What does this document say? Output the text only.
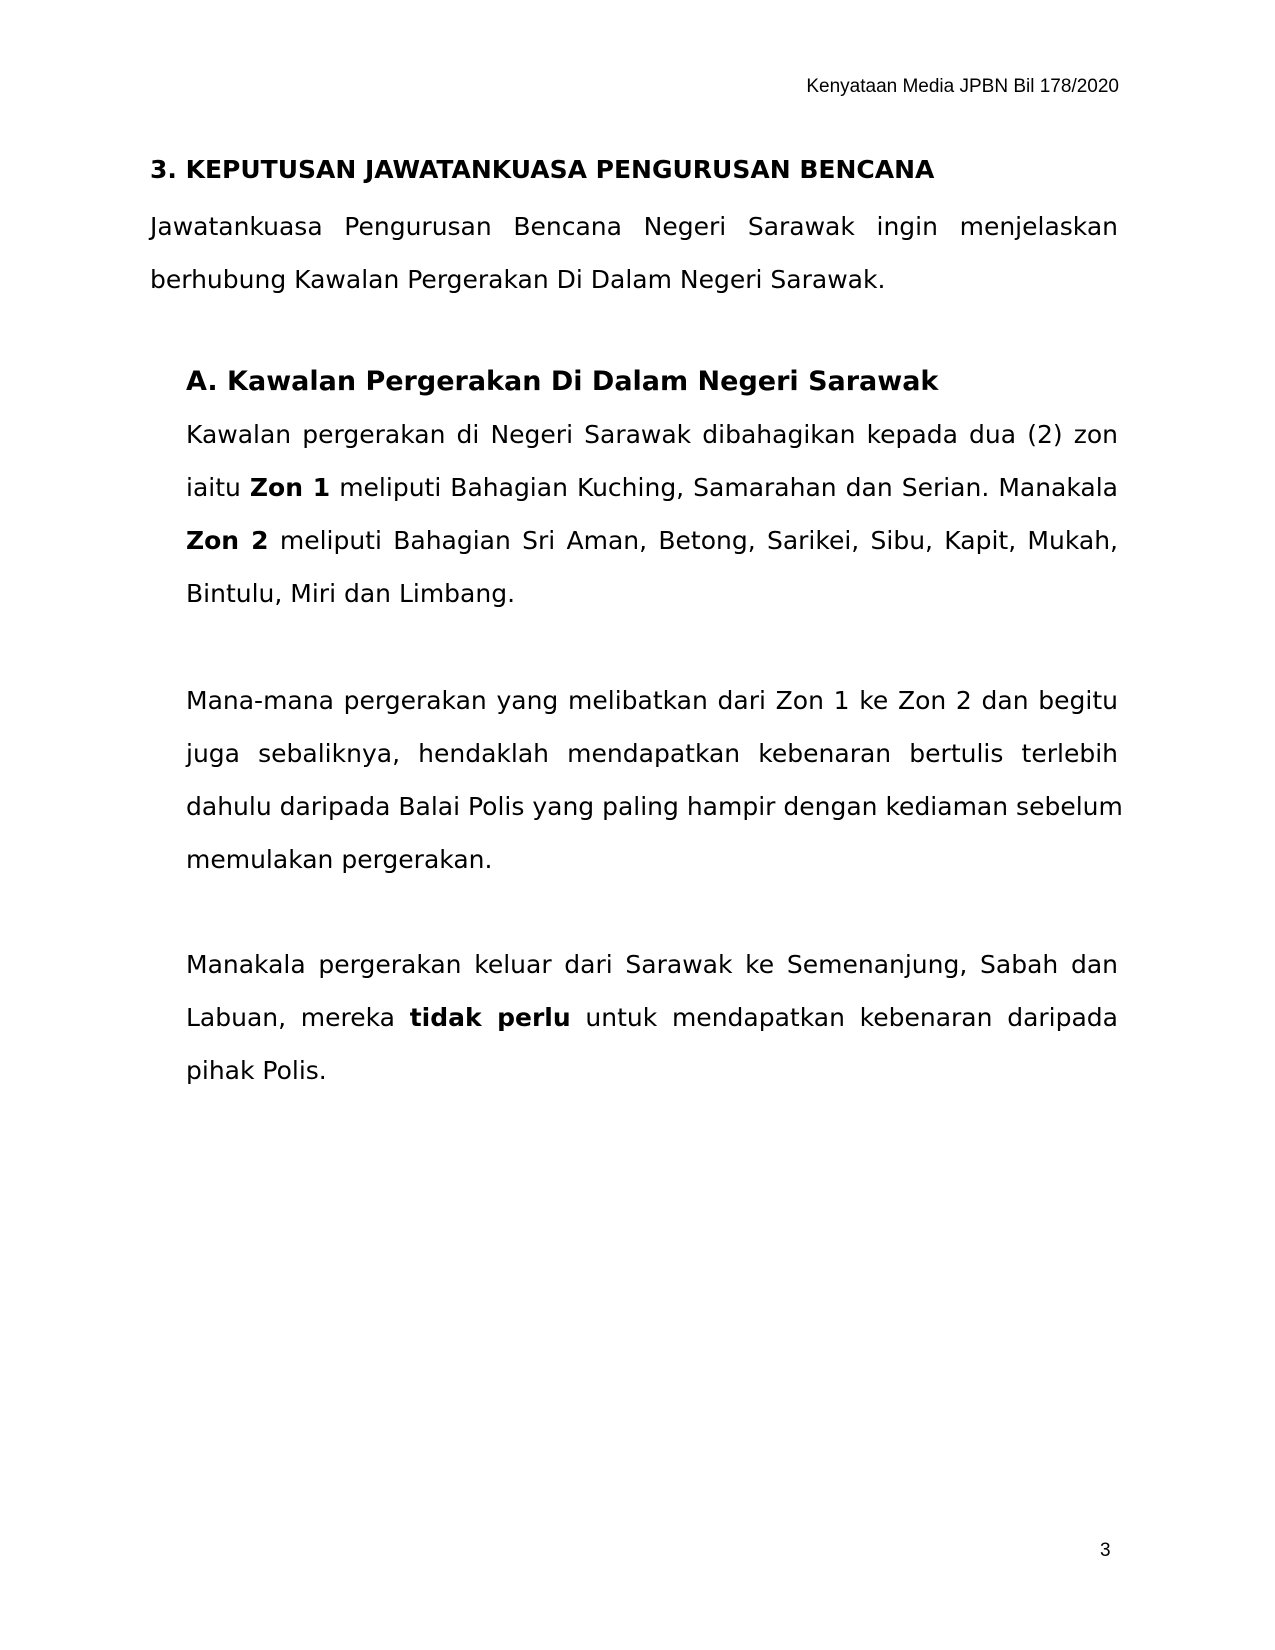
Kenyataan Media JPBN Bil 178/2020
3. KEPUTUSAN JAWATANKUASA PENGURUSAN BENCANA
Jawatankuasa Pengurusan Bencana Negeri Sarawak ingin menjelaskan
berhubung Kawalan Pergerakan Di Dalam Negeri Sarawak.
A. Kawalan Pergerakan Di Dalam Negeri Sarawak
Kawalan pergerakan di Negeri Sarawak dibahagikan kepada dua (2) zon
iaitu Zon 1 meliputi Bahagian Kuching, Samarahan dan Serian. Manakala
Zon 2 meliputi Bahagian Sri Aman, Betong, Sarikei, Sibu, Kapit, Mukah,
Bintulu, Miri dan Limbang.
Mana-mana pergerakan yang melibatkan dari Zon 1 ke Zon 2 dan begitu
juga sebaliknya, hendaklah mendapatkan kebenaran bertulis terlebih
dahulu daripada Balai Polis yang paling hampir dengan kediaman sebelum
memulakan pergerakan.
Manakala pergerakan keluar dari Sarawak ke Semenanjung, Sabah dan
Labuan, mereka tidak perlu untuk mendapatkan kebenaran daripada
pihak Polis.
3
